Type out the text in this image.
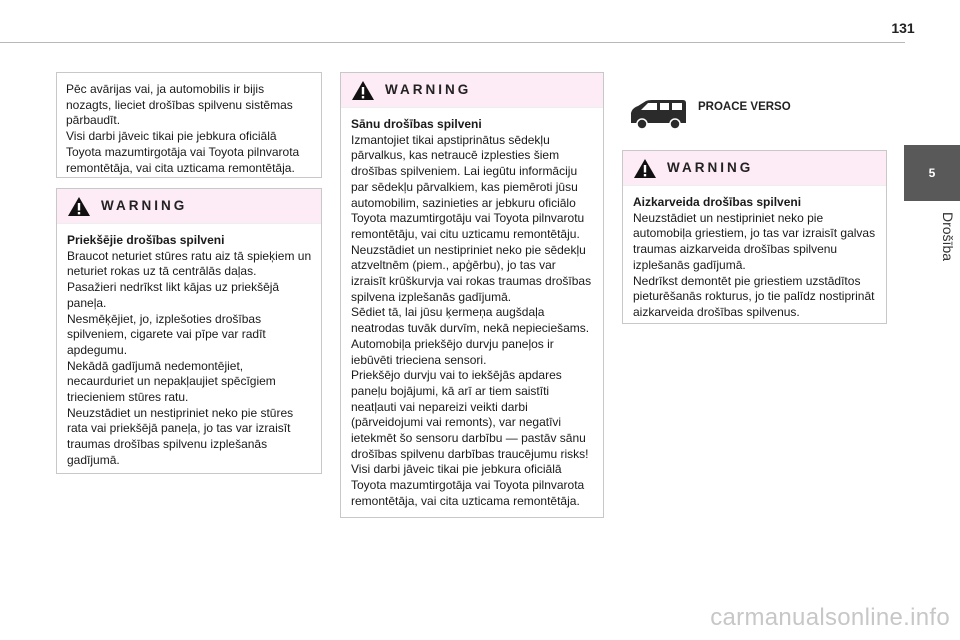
131
5
Drošība

Pēc avārijas vai, ja automobilis ir bijis
nozagts, lieciet drošības spilvenu sistēmas
pārbaudīt.
Visi darbi jāveic tikai pie jebkura oficiālā
Toyota mazumtirgotāja vai Toyota pilnvarota
remontētāja, vai cita uzticama remontētāja.

WARNING

Priekšējie drošības spilveni

Braucot neturiet stūres ratu aiz tā spieķiem un
neturiet rokas uz tā centrālās daļas.
Pasažieri nedrīkst likt kājas uz priekšējā
paneļa.
Nesmēķējiet, jo, izplešoties drošības
spilveniem, cigarete vai pīpe var radīt
apdegumu.
Nekādā gadījumā nedemontējiet,
necaurduriet un nepakļaujiet spēcīgiem
triecieniem stūres ratu.
Neuzstādiet un nestipriniet neko pie stūres
rata vai priekšējā paneļa, jo tas var izraisīt
traumas drošības spilvenu izplešanās
gadījumā.

WARNING

Sānu drošības spilveni

Izmantojiet tikai apstiprinātus sēdekļu
pārvalkus, kas netraucē izplesties šiem
drošības spilveniem. Lai iegūtu informāciju
par sēdekļu pārvalkiem, kas piemēroti jūsu
automobilim, sazinieties ar jebkuru oficiālo
Toyota mazumtirgotāju vai Toyota pilnvarotu
remontētāju, vai citu uzticamu remontētāju.
Neuzstādiet un nestipriniet neko pie sēdekļu
atzveltnēm (piem., apģērbu), jo tas var
izraisīt krūškurvja vai rokas traumas drošības
spilvena izplešanās gadījumā.
Sēdiet tā, lai jūsu ķermeņa augšdaļa
neatrodas tuvāk durvīm, nekā nepieciešams.
Automobiļa priekšējo durvju paneļos ir
iebūvēti trieciena sensori.
Priekšējo durvju vai to iekšējās apdares
paneļu bojājumi, kā arī ar tiem saistīti
neatļauti vai nepareizi veikti darbi
(pārveidojumi vai remonts), var negatīvi
ietekmēt šo sensoru darbību — pastāv sānu
drošības spilvenu darbības traucējumu risks!
Visi darbi jāveic tikai pie jebkura oficiālā
Toyota mazumtirgotāja vai Toyota pilnvarota
remontētāja, vai cita uzticama remontētāja.

PROACE VERSO
WARNING

Aizkarveida drošības spilveni

Neuzstādiet un nestipriniet neko pie
automobiļa griestiem, jo tas var izraisīt galvas
traumas aizkarveida drošības spilvenu
izplešanās gadījumā.
Nedrīkst demontēt pie griestiem uzstādītos
pieturēšanās rokturus, jo tie palīdz nostiprināt
aizkarveida drošības spilvenus.

carmanualsonline.info
